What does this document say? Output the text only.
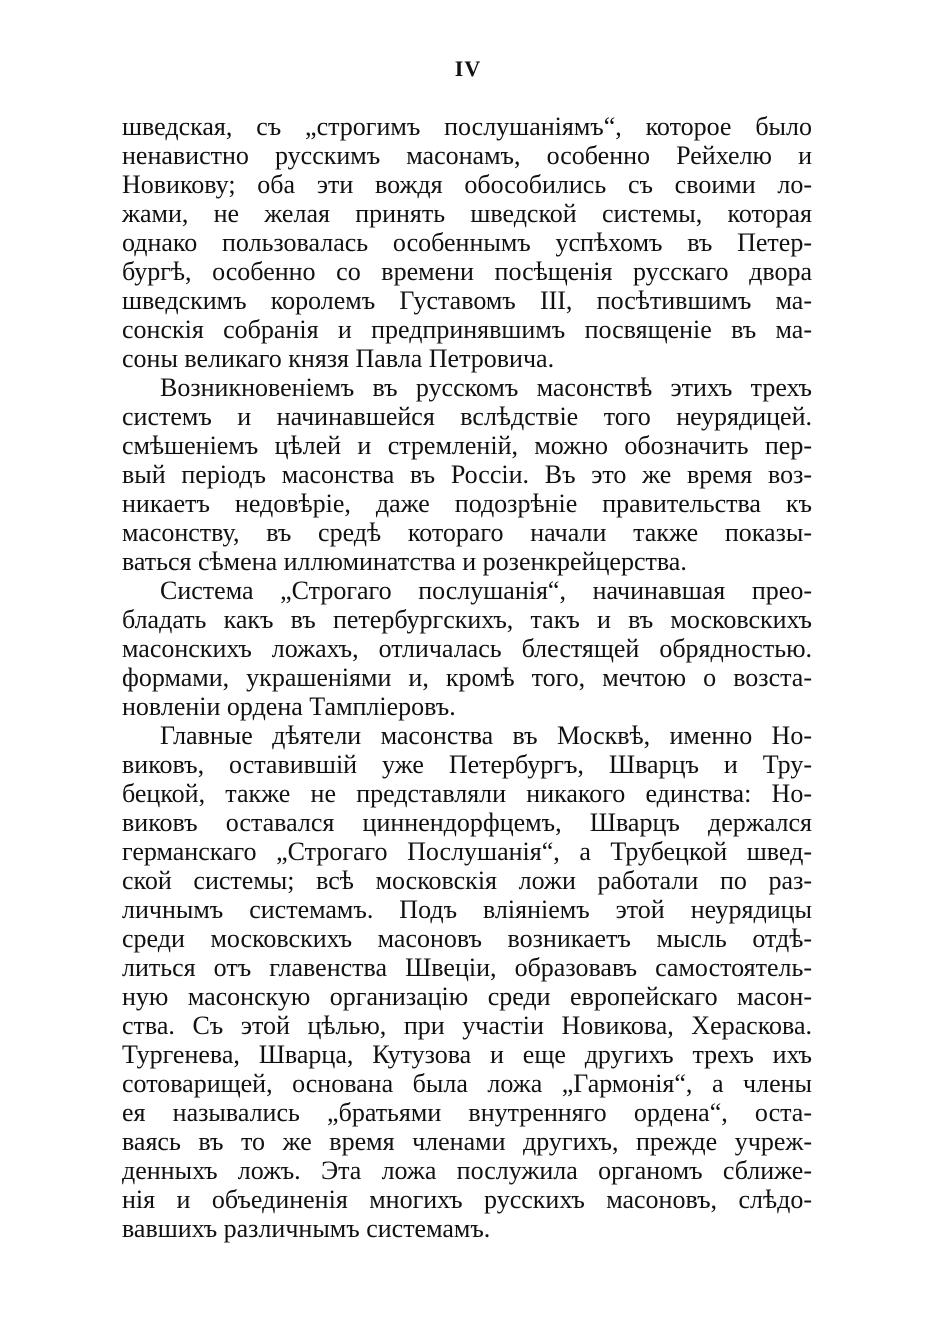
IV
шведская, съ „строгимъ послушанiямъ“, которое было
ненавистно русскимъ масонамъ, особенно Рейхелю и
Новикову; оба эти вождя обособились съ своими ло-
жами, не желая принять шведской системы, которая
однако пользовалась особеннымъ успѣхомъ въ Петер-
бургѣ, особенно со времени посѣщенiя русскаго двора
шведскимъ королемъ Густавомъ III, посѣтившимъ ма-
сонскiя собранiя и предпринявшимъ посвященiе въ ма-
соны великаго князя Павла Петровича.
Возникновенiемъ въ русскомъ масонствѣ этихъ трехъ
системъ и начинавшейся вслѣдствiе того неурядицей.
смѣшенiемъ цѣлей и стремленiй, можно обозначить пер-
вый перiодъ масонства въ Россiи. Въ это же время воз-
никаетъ недовѣрiе, даже подозрѣнiе правительства къ
масонству, въ средѣ котораго начали также показы-
ваться сѣмена иллюминатства и розенкрейцерства.
Система „Строгаго послушанiя“, начинавшая прео-
бладать какъ въ петербургскихъ, такъ и въ московскихъ
масонскихъ ложахъ, отличалась блестящей обрядностью.
формами, украшенiями и, кромѣ того, мечтою о возста-
новленiи ордена Тамплiеровъ.
Главные дѣятели масонства въ Москвѣ, именно Но-
виковъ, оставившiй уже Петербургъ, Шварцъ и Тру-
бецкой, также не представляли никакого единства: Но-
виковъ оставался циннендорфцемъ, Шварцъ держался
германскаго „Строгаго Послушанiя“, а Трубецкой швед-
ской системы; всѣ московскiя ложи работали по раз-
личнымъ системамъ. Подъ влiянiемъ этой неурядицы
среди московскихъ масоновъ возникаетъ мысль отдѣ-
литься отъ главенства Швецiи, образовавъ самостоятель-
ную масонскую организацiю среди европейскаго масон-
ства. Съ этой цѣлью, при участiи Новикова, Хераскова.
Тургенева, Шварца, Кутузова и еще другихъ трехъ ихъ
сотоварищей, основана была ложа „Гармонiя“, а члены
ея назывались „братьями внутренняго ордена“, оста-
ваясь въ то же время членами другихъ, прежде учреж-
денныхъ ложъ. Эта ложа послужила органомъ сближе-
нiя и объединенiя многихъ русскихъ масоновъ, слѣдо-
вавшихъ различнымъ системамъ.
